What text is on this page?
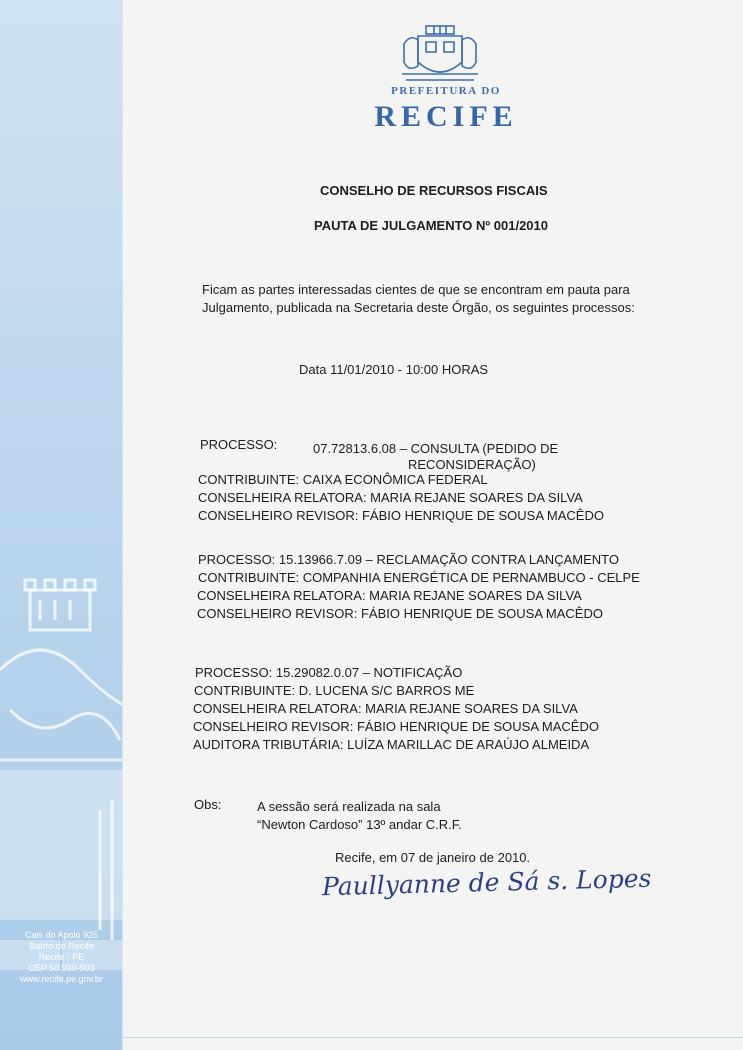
Cais do Apolo 925
Bairro do Recife
Recife - PE
CEP 50.030-903
www.recife.pe.gov.br
PREFEITURA DO
RECIFE
CONSELHO DE RECURSOS FISCAIS
PAUTA DE JULGAMENTO Nº 001/2010
Ficam as partes interessadas cientes de que se encontram em pauta para
Julgamento, publicada na Secretaria deste Órgão, os seguintes processos:
Data 11/01/2010 - 10:00 HORAS
PROCESSO:	07.72813.6.08 – CONSULTA (PEDIDO DE
RECONSIDERAÇÃO)
CONTRIBUINTE: CAIXA ECONÔMICA FEDERAL
CONSELHEIRA RELATORA: MARIA REJANE SOARES DA SILVA
CONSELHEIRO REVISOR: FÁBIO HENRIQUE DE SOUSA MACÊDO
PROCESSO: 15.13966.7.09 – RECLAMAÇÃO CONTRA LANÇAMENTO
CONTRIBUINTE: COMPANHIA ENERGÉTICA DE PERNAMBUCO - CELPE
CONSELHEIRA RELATORA: MARIA REJANE SOARES DA SILVA
CONSELHEIRO REVISOR: FÁBIO HENRIQUE DE SOUSA MACÊDO
PROCESSO: 15.29082.0.07 – NOTIFICAÇÃO
CONTRIBUINTE: D. LUCENA S/C BARROS ME
CONSELHEIRA RELATORA: MARIA REJANE SOARES DA SILVA
CONSELHEIRO REVISOR: FÁBIO HENRIQUE DE SOUSA MACÊDO
AUDITORA TRIBUTÁRIA: LUÍZA MARILLAC DE ARAÚJO ALMEIDA
Obs:	A sessão será realizada na sala
“Newton Cardoso” 13º andar C.R.F.
Recife, em 07 de janeiro de 2010.
Paullyanne de Sá s. Lopes
